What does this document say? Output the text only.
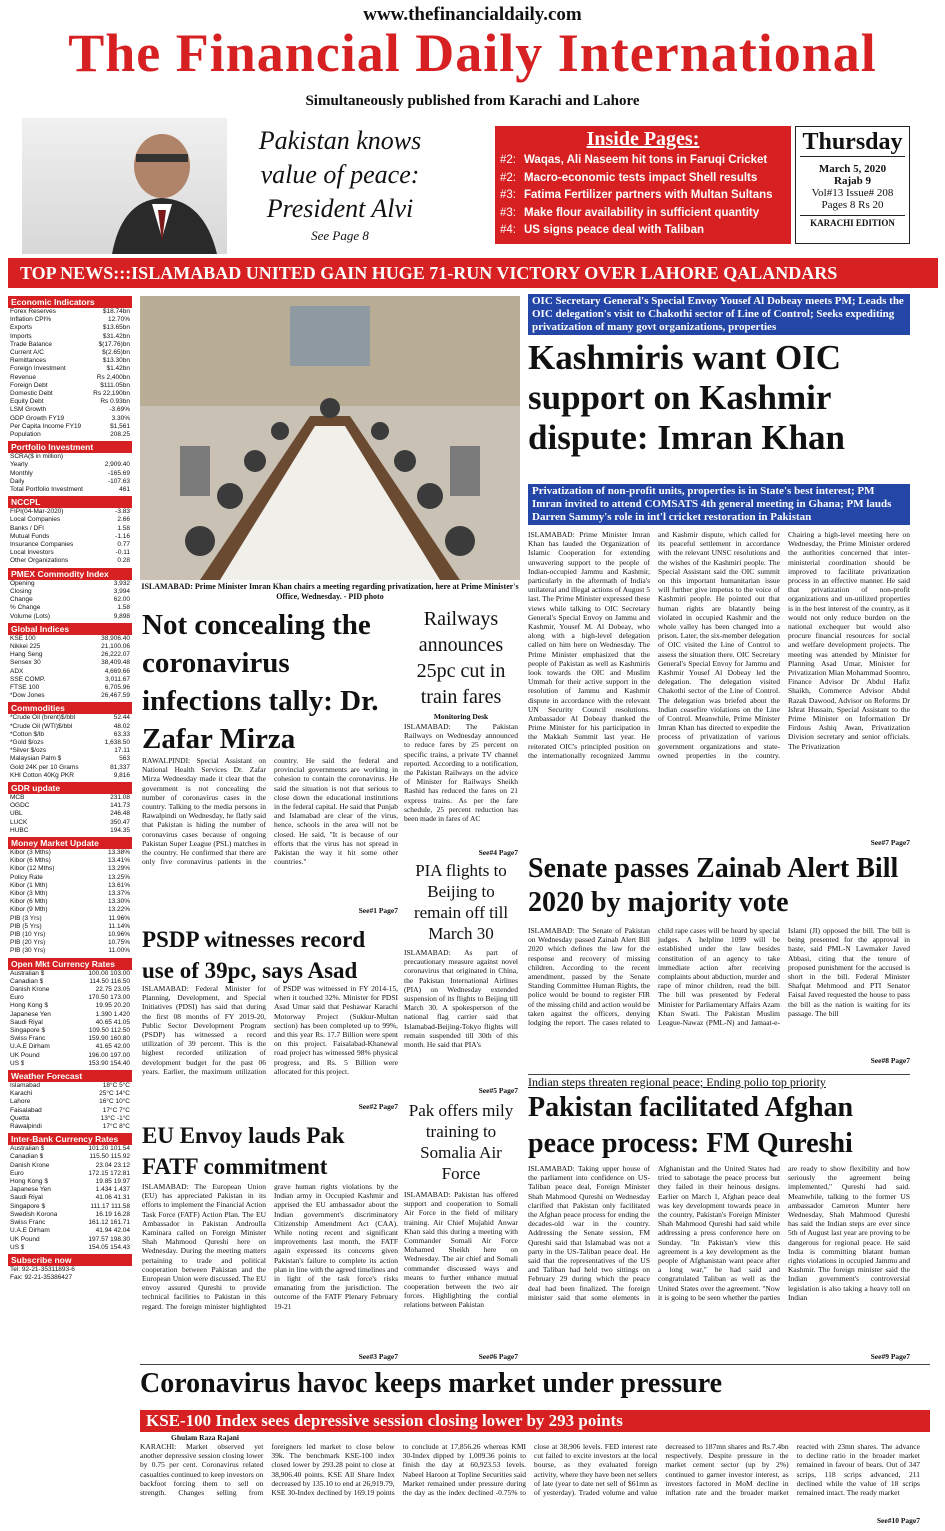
www.thefinancialdaily.com
The Financial Daily International
Simultaneously published from Karachi and Lahore
Pakistan knows
value of peace:
President Alvi
See Page 8
Inside Pages:
#2: Waqas, Ali Naseem hit tons in Faruqi Cricket
#2: Macro-economic tests impact Shell results
#3: Fatima Fertilizer partners with Multan Sultans
#3: Make flour availability in sufficient quantity
#4: US signs peace deal with Taliban
Thursday
March 5, 2020
Rajab 9
Vol#13 Issue# 208
Pages 8 Rs 20
KARACHI EDITION
TOP NEWS:::ISLAMABAD UNITED GAIN HUGE 71-RUN VICTORY OVER LAHORE QALANDARS
Economic Indicators
Forex Reserves	$18.74bn
Inflation CPI%	12.70%
Exports	$13.65bn
Imports	$31.42bn
Trade Balance	$(17.76)bn
Current A/C	$(2.65)bn
Remittances	$13.30bn
Foreign Investment	$1.42bn
Revenue	Rs 2,400bn
Foreign Debt	$111.05bn
Domestic Debt	Rs 22,190bn
Equity Debt	Rs 0.93bn
LSM Growth	-3.69%
GDP Growth FY19	3.30%
Per Capita Income FY19	$1,561
Population	208.25
Portfolio Investment
SCRA($ in million)
Yearly	2,909.40
Monthly	-165.69
Daily	-107.63
Total Portfolio Investment	461
NCCPL
FIPI(04-Mar-2020)	-3.83
Local Companies	2.66
Banks / DFI	1.58
Mutual Funds	-1.16
Insurance Companies	0.77
Local Investors	-0.11
Other Organizations	0.28
PMEX Commodity Index
Opening	3,932
Closing	3,994
Change	62.00
% Change	1.58
Volume (Lots)	9,898
Global Indices
KSE 100	38,906.40
Nikkei 225	21,100.06
Hang Seng	26,222.07
Sensex 30	38,409.48
ADX	4,669.66
SSE COMP.	3,011.67
FTSE 100	6,705.96
*Dow Jones	26,467.59
Commodities
*Crude Oil (brent)$/bbl	52.44
*Crude Oil (WTI)$/bbl	48.02
*Cotton $/lb	63.33
*Gold $/ozs	1,638.50
*Silver $/ozs	17.11
Malaysian Palm $	563
Gold 24K per 10 Grams	81,337
KHI Cotton 40Kg PKR	9,816
GDR update
MCB	231.08
OGDC	141.73
UBL	246.48
LUCK	350.47
HUBC	194.35
Money Market Update
Kibor (3 Mths)	13.38%
Kibor (6 Mths)	13.41%
Kibor (12 Mths)	13.29%
Policy Rate	13.25%
Kibor (1 Mth)	13.61%
Kibor (3 Mth)	13.37%
Kibor (6 Mth)	13.30%
Kibor (9 Mth)	13.22%
PIB (3 Yrs)	11.96%
PIB (5 Yrs)	11.14%
PIB (10 Yrs)	10.96%
PIB (20 Yrs)	10.75%
PIB (30 Yrs)	11.00%
Open Mkt Currency Rates
Australian $	100.00 103.00
Canadian $	114.50 116.50
Danish Krone	22.75 23.05
Euro	170.50 173.00
Hong Kong $	19.95 20.20
Japanese Yen	1.390 1.420
Saudi Riyal	40.65 41.05
Singapore $	109.50 112.50
Swiss Franc	159.90 160.80
U.A.E Dirham	41.65 42.00
UK Pound	196.00 197.00
US $	153.90 154.40
Weather Forecast
Islamabad	18°C 5°C
Karachi	25°C 14°C
Lahore	16°C 10°C
Faisalabad	17°C 7°C
Quetta	13°C -1°C
Rawalpindi	17°C 8°C
Inter-Bank Currency Rates
Australian $	101.20 101.54
Canadian $	115.50 115.92
Danish Krone	23.04 23.12
Euro	172.15 172.81
Hong Kong $	19.85 19.97
Japanese Yen	1.434 1.437
Saudi Riyal	41.06 41.31
Singapore $	111.17 111.58
Swedish Korona	16.19 16.28
Swiss Franc	161.12 161.71
U.A.E Dirham	41.94 42.04
UK Pound	197.57 198.30
US $	154.05 154.43
Subscribe now
Tel: 92-21-35311893-6
Fax: 92-21-35386427
ISLAMABAD: Prime Minister Imran Khan chairs a meeting regarding privatization, here at Prime Minister's Office, Wednesday. - PID photo
OIC Secretary General's Special Envoy Yousef Al Dobeay meets PM; Leads the OIC delegation's visit to Chakothi sector of Line of Control; Seeks expediting privatization of many govt organizations, properties
Kashmiris want OIC support on Kashmir dispute: Imran Khan
Privatization of non-profit units, properties is in State's best interest; PM Imran invited to attend COMSATS 4th general meeting in Ghana; PM lauds Darren Sammy's role in int'l cricket restoration in Pakistan
ISLAMABAD: Prime Minister Imran Khan has lauded the Organization of Islamic Cooperation for extending unwavering support to the people of Indian-occupied Jammu and Kashmir, particularly in the aftermath of India's unilateral and illegal actions of August 5 last. The Prime Minister expressed these views while talking to OIC Secretary General's Special Envoy on Jammu and Kashmir, Yousef M. Al Dobeay, who along with a high-level delegation called on him here on Wednesday. The Prime Minister emphasized that the people of Pakistan as well as Kashmiris look towards the OIC and Muslim Ummah for their active support in the resolution of Jammu and Kashmir dispute in accordance with the relevant UN Security Council resolutions. Ambassador Al Dobeay thanked the Prime Minister for his participation in the Makkah Summit last year. He reiterated OIC's principled position on the internationally recognized Jammu and Kashmir dispute, which called for its peaceful settlement in accordance with the relevant UNSC resolutions and the wishes of the Kashmiri people. The Special Assistant said the OIC summit on this important humanitarian issue will further give impetus to the voice of Kashmiri people. He pointed out that human rights are blatantly being violated in occupied Kashmir and the whole valley has been changed into a prison. Later, the six-member delegation of OIC visited the Line of Control to assess the situation there. OIC Secretary General's Special Envoy for Jammu and Kashmir Yousef Al Dobeay led the delegation. The delegation visited Chakothi sector of the Line of Control. The delegation was briefed about the Indian ceasefire violations on the Line of Control. Meanwhile, Prime Minister Imran Khan has directed to expedite the process of privatization of various government organizations and state-owned properties in the country. Chairing a high-level meeting here on Wednesday, the Prime Minister ordered the authorities concerned that inter-ministerial coordination should be improved to facilitate privatization process in an effective manner. He said that privatization of non-profit organizations and un-utilized properties is in the best interest of the country, as it would not only reduce burden on the national exchequer but would also procure financial resources for social and welfare development projects. The meeting was attended by Minister for Planning Asad Umar, Minister for Privatization Mian Mohammad Soomro, Finance Advisor Dr Abdul Hafiz Shaikh, Commerce Advisor Abdul Razak Dawood, Advisor on Reforms Dr Ishrat Hussain, Special Assistant to the Prime Minister on Information Dr Firdous Ashiq Awan, Privatization Division secretary and senior officials. The Privatization
See#7 Page7
Not concealing the coronavirus infections tally: Dr. Zafar Mirza
RAWALPINDI: Special Assistant on National Health Services Dr. Zafar Mirza Wednesday made it clear that the government is not concealing the number of coronavirus cases in the country. Talking to the media persons in Rawalpindi on Wednesday, he flatly said that Pakistan is hiding the number of coronavirus cases because of ongoing Pakistan Super League (PSL) matches in the country. He confirmed that there are only five coronavirus patients in the country. He said the federal and provincial governments are working in cohesion to contain the coronavirus. He said the situation is not that serious to close down the educational institutions in the federal capital. He said that Punjab and Islamabad are clear of the virus, hence, schools in the area will not be closed. He said, "It is because of our efforts that the virus has not spread in Pakistan the way it hit some other countries."
See#1 Page7
Railways announces 25pc cut in train fares
Monitoring Desk
ISLAMABAD: The Pakistan Railways on Wednesday announced to reduce fares by 25 percent on specific trains, a private TV channel reported. According to a notification, the Pakistan Railways on the advice of Minister for Railways Sheikh Rashid has reduced the fares on 21 express trains. As per the fare schedule, 25 percent reduction has been made in fares of AC
See#4 Page7
PIA flights to Beijing to remain off till March 30
ISLAMABAD: As part of precautionary measure against novel coronavirus that originated in China, the Pakistan International Airlines (PIA) on Wednesday extended suspension of its flights to Beijing till March 30. A spokesperson of the national flag carrier said that Islamabad-Beijing-Tokyo flights will remain suspended till 30th of this month. He said that PIA's
See#5 Page7
PSDP witnesses record use of 39pc, says Asad
ISLAMABAD: Federal Minister for Planning, Development, and Special Initiatives (PDSI) has said that during the first 08 months of FY 2019-20, Public Sector Development Program (PSDP) has witnessed a record utilization of 39 percent. This is the highest recorded utilization of development budget for the past 06 years. Earlier, the maximum utilization of PSDP was witnessed in FY 2014-15, when it touched 32%. Minister for PDSI Asad Umar said that Peshawar Karachi Motorway Project (Sukkur-Multan section) has been completed up to 99%, and this year Rs. 17.7 Billion were spent on this project. Faisalabad-Khanewal road project has witnessed 98% physical progress, and Rs. 5 Billion were allocated for this project.
See#2 Page7
EU Envoy lauds Pak FATF commitment
ISLAMABAD: The European Union (EU) has appreciated Pakistan in its efforts to implement the Financial Action Task Force (FATF) Action Plan. The EU Ambassador in Pakistan Androulla Kaminara called on Foreign Minister Shah Mahmood Qureshi here on Wednesday. During the meeting matters pertaining to trade and political cooperation between Pakistan and the European Union were discussed. The EU envoy assured Qureshi to provide technical facilities to Pakistan in this regard. The foreign minister highlighted grave human rights violations by the Indian army in Occupied Kashmir and apprised the EU ambassador about the Indian government's discriminatory Citizenship Amendment Act (CAA). While noting recent and significant improvements last month, the FATF again expressed its concerns given Pakistan's failure to complete its action plan in line with the agreed timelines and in light of the task force's risks emanating from the jurisdiction. The outcome of the FATF Plenary February 19-21
See#3 Page7
Pak offers mily training to Somalia Air Force
ISLAMABAD: Pakistan has offered support and cooperation to Somali Air Force in the field of military training. Air Chief Mujahid Anwar Khan said this during a meeting with Commander Somali Air Force Mohamed Sheikh here on Wednesday. The air chief and Somali commander discussed ways and means to further enhance mutual cooperation between the two air forces. Highlighting the cordial relations between Pakistan
See#6 Page7
Senate passes Zainab Alert Bill 2020 by majority vote
ISLAMABAD: The Senate of Pakistan on Wednesday passed Zainab Alert Bill 2020 which defines the law for the response and recovery of missing children. According to the recent amendment, passed by the Senate Standing Committee Human Rights, the police would be bound to register FIR of the missing child and action would be taken against the officers, denying lodging the report. The cases related to child rape cases will be heard by special judges. A helpline 1099 will be established under the law besides constitution of an agency to take immediate action after receiving complaints about abduction, murder and rape of minor children, read the bill. The bill was presented by Federal Minister for Parliamentary Affairs Azam Khan Swati. The Pakistan Muslim League-Nawaz (PML-N) and Jamaat-e-Islami (JI) opposed the bill. The bill is being presented for the approval in haste, said PML-N Lawmaker Javed Abbasi, citing that the tenure of proposed punishment for the accused is short in the bill. Federal Minister Shafqat Mehmood and PTI Senator Faisal Javed requested the house to pass the bill as the nation is waiting for its passage. The bill
See#8 Page7
Indian steps threaten regional peace; Ending polio top priority
Pakistan facilitated Afghan peace process: FM Qureshi
ISLAMABAD: Taking upper house of the parliament into confidence on US-Taliban peace deal, Foreign Minister Shah Mahmood Qureshi on Wednesday clarified that Pakistan only facilitated the Afghan peace process for ending the decades-old war in the country. Addressing the Senate session, FM Qureshi said that Islamabad was not a party in the US-Taliban peace deal. He said that the representatives of the US and Taliban had held two sittings on February 29 during which the peace deal had been finalized. The foreign minister said that some elements in Afghanistan and the United States had tried to sabotage the peace process but they failed in their heinous designs. Earlier on March 1, Afghan peace deal was key development towards peace in the country, Pakistan's Foreign Minister Shah Mahmood Qureshi had said while addressing a press conference here on Sunday. "In Pakistan's view this agreement is a key development as the people of Afghanistan want peace after a long war," he had said and congratulated Taliban as well as the United States over the agreement. "Now it is going to be seen whether the parties are ready to show flexibility and how seriously the agreement being implemented," Qureshi had said. Meanwhile, talking to the former US ambassador Cameron Munter here Wednesday, Shah Mahmood Qureshi has said the Indian steps are ever since 5th of August last year are proving to be dangerous for regional peace. He said India is committing blatant human rights violations in occupied Jammu and Kashmir. The foreign minister said the Indian government's controversial legislation is also taking a heavy toll on Indian
See#9 Page7
Coronavirus havoc keeps market under pressure
KSE-100 Index sees depressive session closing lower by 293 points
Ghulam Raza Rajani
KARACHI: Market observed yet another depressive session closing lower by 0.75 per cent. Coronavirus related casualties continued to keep investors on backfoot forcing them to sell on strength. Changes selling from foreigners led market to close below 39k. The benchmark KSE-100 index closed lower by 293.28 point to close at 38,906.40 points. KSE All Share Index decreased by 135.10 to end at 26,919.79, KSE 30-Index declined by 169.19 points to conclude at 17,856.26 whereas KMI 30-Index dipped by 1,009.36 points to finish the day at 60,923.53 levels. Nabeel Haroon at Topline Securities said Market remained under pressure during the day as the index declined -0.75% to close at 38,906 levels. FED interest rate cut failed to excite investors at the local bourse, as they evaluated foreign activity, where they have been net sellers of late (year to date net sell of $61mn as of yesterday). Traded volume and value decreased to 187mn shares and Rs.7.4bn respectively. Despite pressure in the market cement sector (up by 2%) continued to garner investor interest, as investors factored in MoM decline in inflation rate and the broader market reacted with 23mn shares. The advance to decline ratio in the broader market remained in favour of bears. Out of 347 scrips, 118 scrips advanced, 211 declined while the value of 18 scrips remained intact. The ready market
See#10 Page7
